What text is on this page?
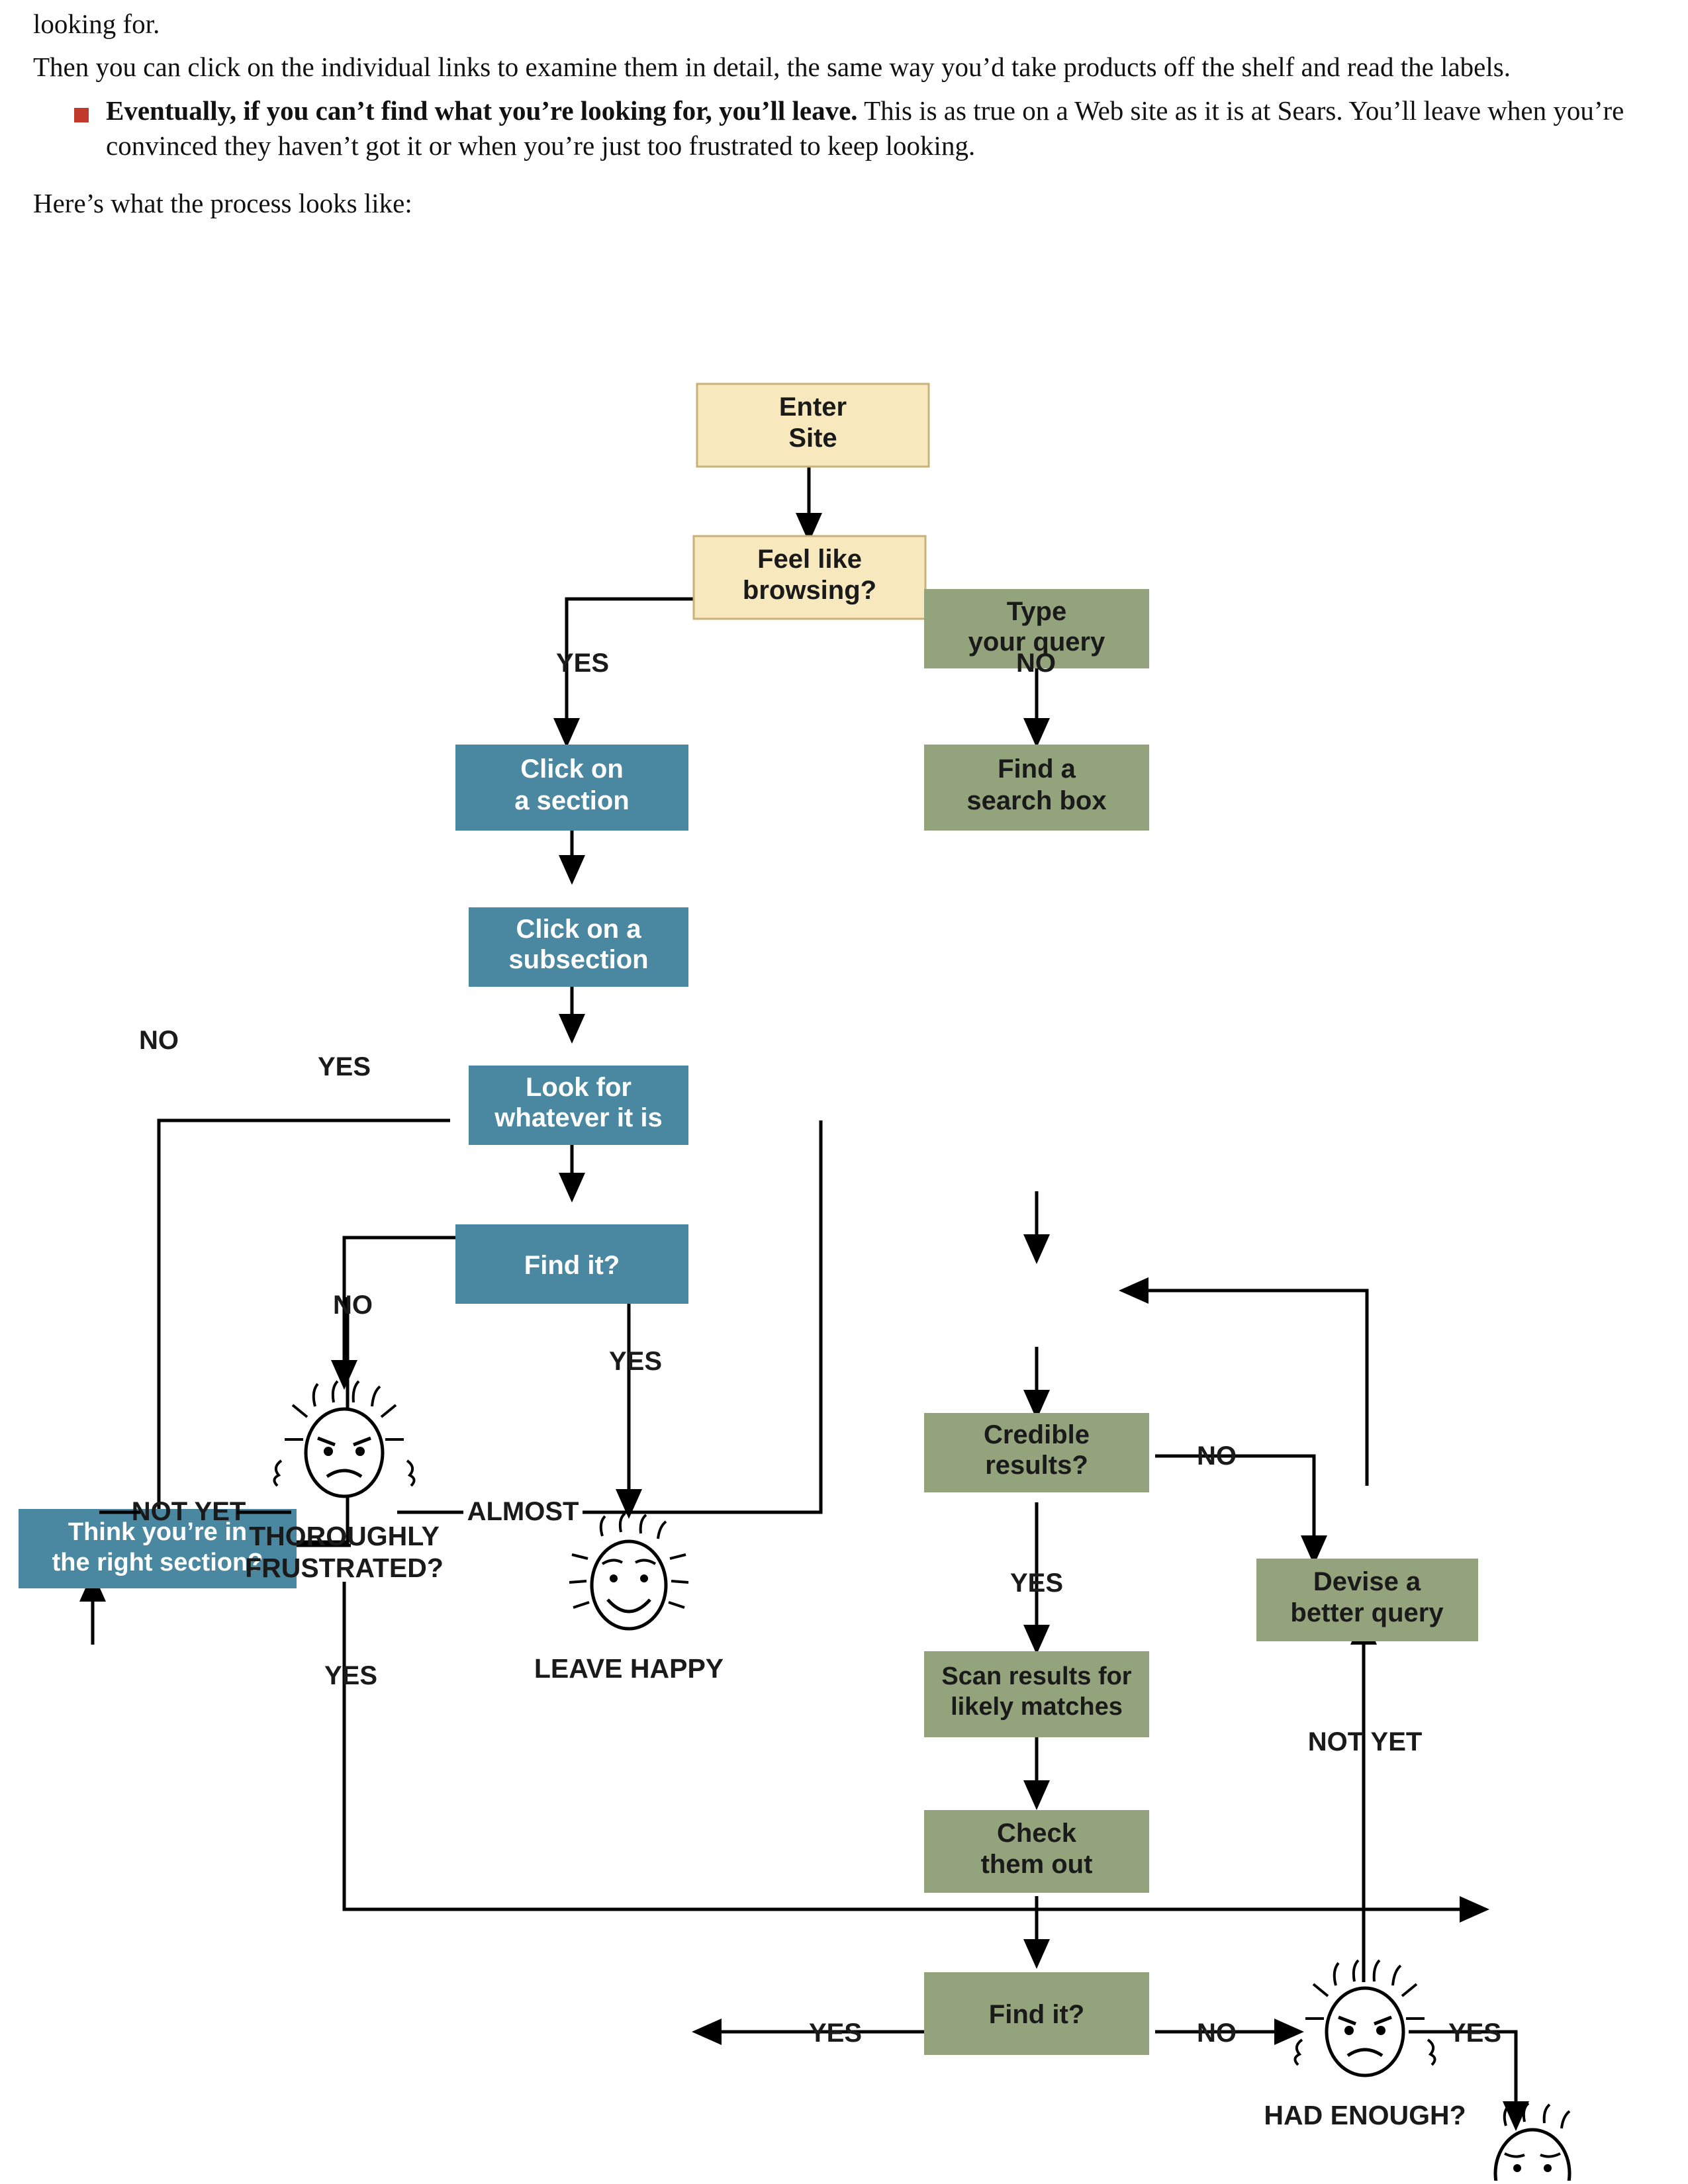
looking for.
Then you can click on the individual links to examine them in detail, the same way you’d take products off the shelf and read the labels.
Eventually, if you can’t find what you’re looking for, you’ll leave. This is as true on a Web site as it is at Sears. You’ll leave when you’re convinced they haven’t got it or when you’re just too frustrated to keep looking.
Here’s what the process looks like:
Enter
Site
Feel like
browsing?
Click on
a section
Click on a
subsection
Look for
whatever it is
Find it?
Think you’re in
the right section?
Find a
search box
Type
your query
Credible
results?
Devise a
better query
Scan results for
likely matches
Check
them out
Find it?
THOROUGHLY
FRUSTRATED?
LEAVE HAPPY
HAD ENOUGH?
YES	NO
NO
YES
NO
YES
NOT YET	ALMOST
YES
NO
YES
NOT YET
YES	NO	YES
